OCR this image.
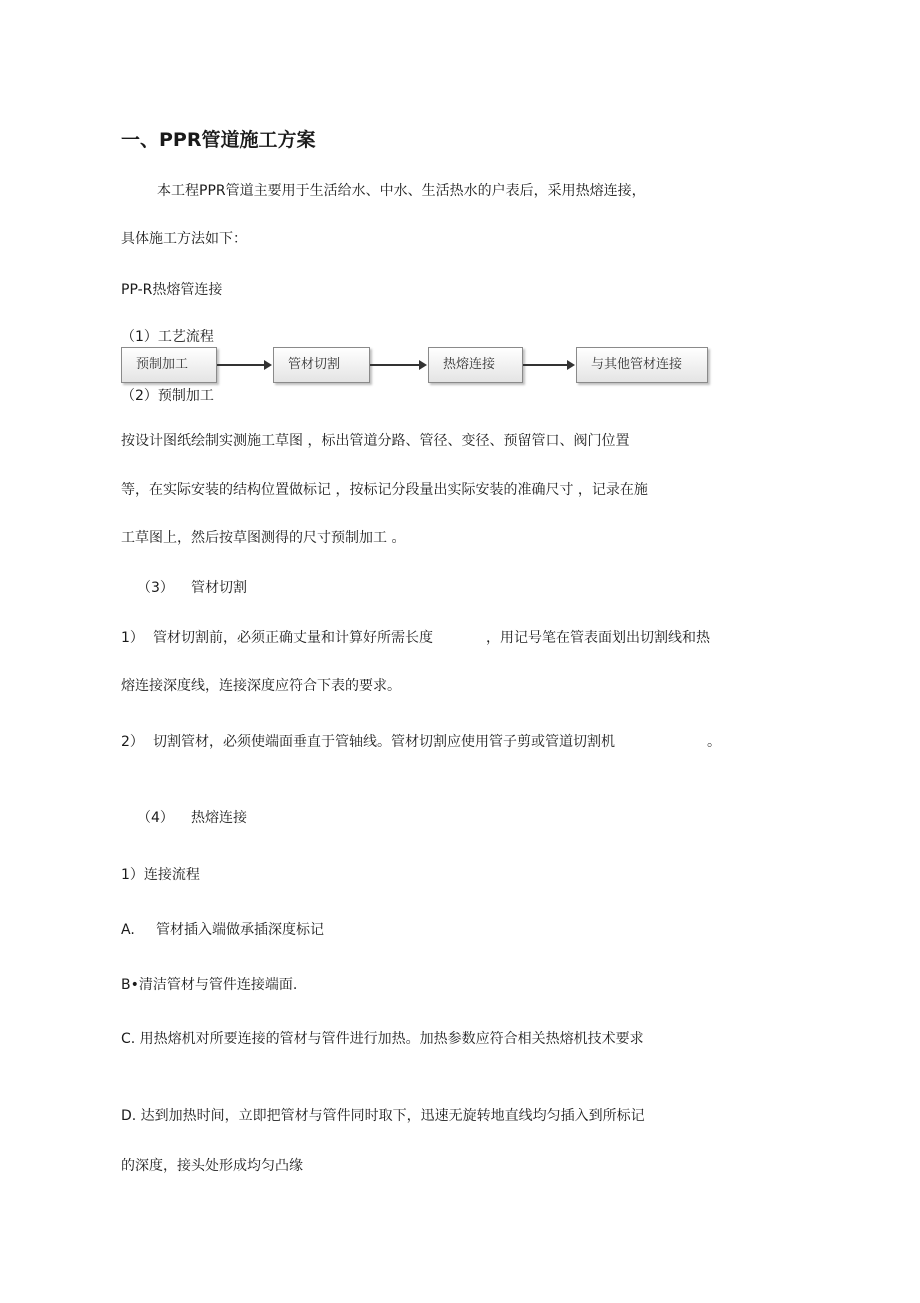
一、PPR管道施工方案
本工程PPR管道主要用于生活给水、中水、生活热水的户表后，采用热熔连接，
具体施工方法如下：
PP-R热熔管连接
（1）工艺流程
预制加工	管材切割	热熔连接	与其他管材连接
（2）预制加工
按设计图纸绘制实测施工草图 ，标出管道分路、管径、变径、预留管口、阀门位置
等，在实际安装的结构位置做标记 ，按标记分段量出实际安装的准确尺寸 ，记录在施
工草图上，然后按草图测得的尺寸预制加工 。
（3） 管材切割
1） 管材切割前，必须正确丈量和计算好所需长度	，用记号笔在管表面划出切割线和热
熔连接深度线，连接深度应符合下表的要求。
2） 切割管材，必须使端面垂直于管轴线。管材切割应使用管子剪或管道切割机	。
（4） 热熔连接
1）连接流程
A. 管材插入端做承插深度标记
B•清洁管材与管件连接端面.
C. 用热熔机对所要连接的管材与管件进行加热。加热参数应符合相关热熔机技术要求
D. 达到加热时间，立即把管材与管件同时取下，迅速无旋转地直线均匀插入到所标记
的深度，接头处形成均匀凸缘
